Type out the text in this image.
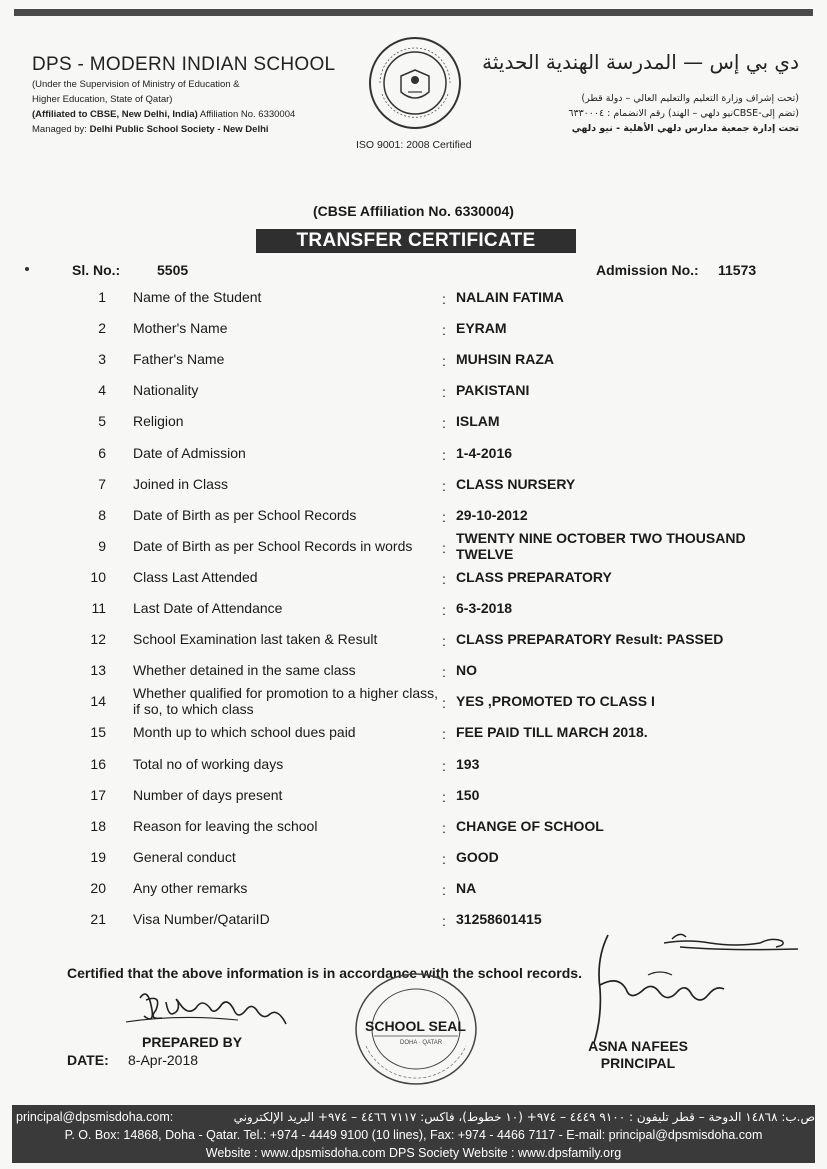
DPS - MODERN INDIAN SCHOOL
(Under the Supervision of Ministry of Education &
Higher Education, State of Qatar)
(Affiliated to CBSE, New Delhi, India) Affiliation No. 6330004
Managed by: Delhi Public School Society - New Delhi
دي بي إس — المدرسة الهندية الحديثة
(تحت إشراف وزارة التعليم والتعليم العالي – دولة قطر)
(تضم إلى-CBSEنيو دلهي – الهند) رقم الانضمام : ٦٣٣٠٠٠٤
تحت إدارة جمعية مدارس دلهي الأهلية - نيو دلهي
ISO 9001: 2008 Certified
(CBSE Affiliation No. 6330004)
TRANSFER CERTIFICATE
Sl. No.:	5505	Admission No.: 11573
1 Name of the Student	: NALAIN FATIMA
2 Mother's Name	: EYRAM
3 Father's Name	: MUHSIN RAZA
4 Nationality	: PAKISTANI
5 Religion	: ISLAM
6 Date of Admission	: 1-4-2016
7 Joined in Class	: CLASS NURSERY
8 Date of Birth as per School Records	: 29-10-2012
9 Date of Birth as per School Records in words :
TWENTY NINE OCTOBER TWO THOUSAND
TWELVE
10 Class Last Attended	: CLASS PREPARATORY
11 Last Date of Attendance	: 6-3-2018
12 School Examination last taken & Result	: CLASS PREPARATORY Result: PASSED
13 Whether detained in the same class	: NO
14 Whether qualified for promotion to a higher class,
if so, to which class	: YES ,PROMOTED TO CLASS I
15 Month up to which school dues paid	: FEE PAID TILL MARCH 2018.
16 Total no of working days	: 193
17 Number of days present	: 150
18 Reason for leaving the school	: CHANGE OF SCHOOL
19 General conduct	: GOOD
20 Any other remarks	: NA
21 Visa Number/QatariID	: 31258601415
Certified that the above information is in accordance with the school records.
PREPARED BY
DATE: 8-Apr-2018
DOHA · QATAR
SCHOOL SEAL
ASNA NAFEES
PRINCIPAL
principal@dpsmisdoha.com:	ص.ب: ١٤٨٦٨ الدوحة – قطر تليفون : ٩١٠٠ ٤٤٤٩ – ٩٧٤+ (١٠ خطوط)، فاكس: ٧١١٧ ٤٤٦٦ – ٩٧٤+ البريد الإلكتروني
P. O. Box: 14868, Doha - Qatar. Tel.: +974 - 4449 9100 (10 lines), Fax: +974 - 4466 7117 - E-mail: principal@dpsmisdoha.com
Website : www.dpsmisdoha.com DPS Society Website : www.dpsfamily.org
